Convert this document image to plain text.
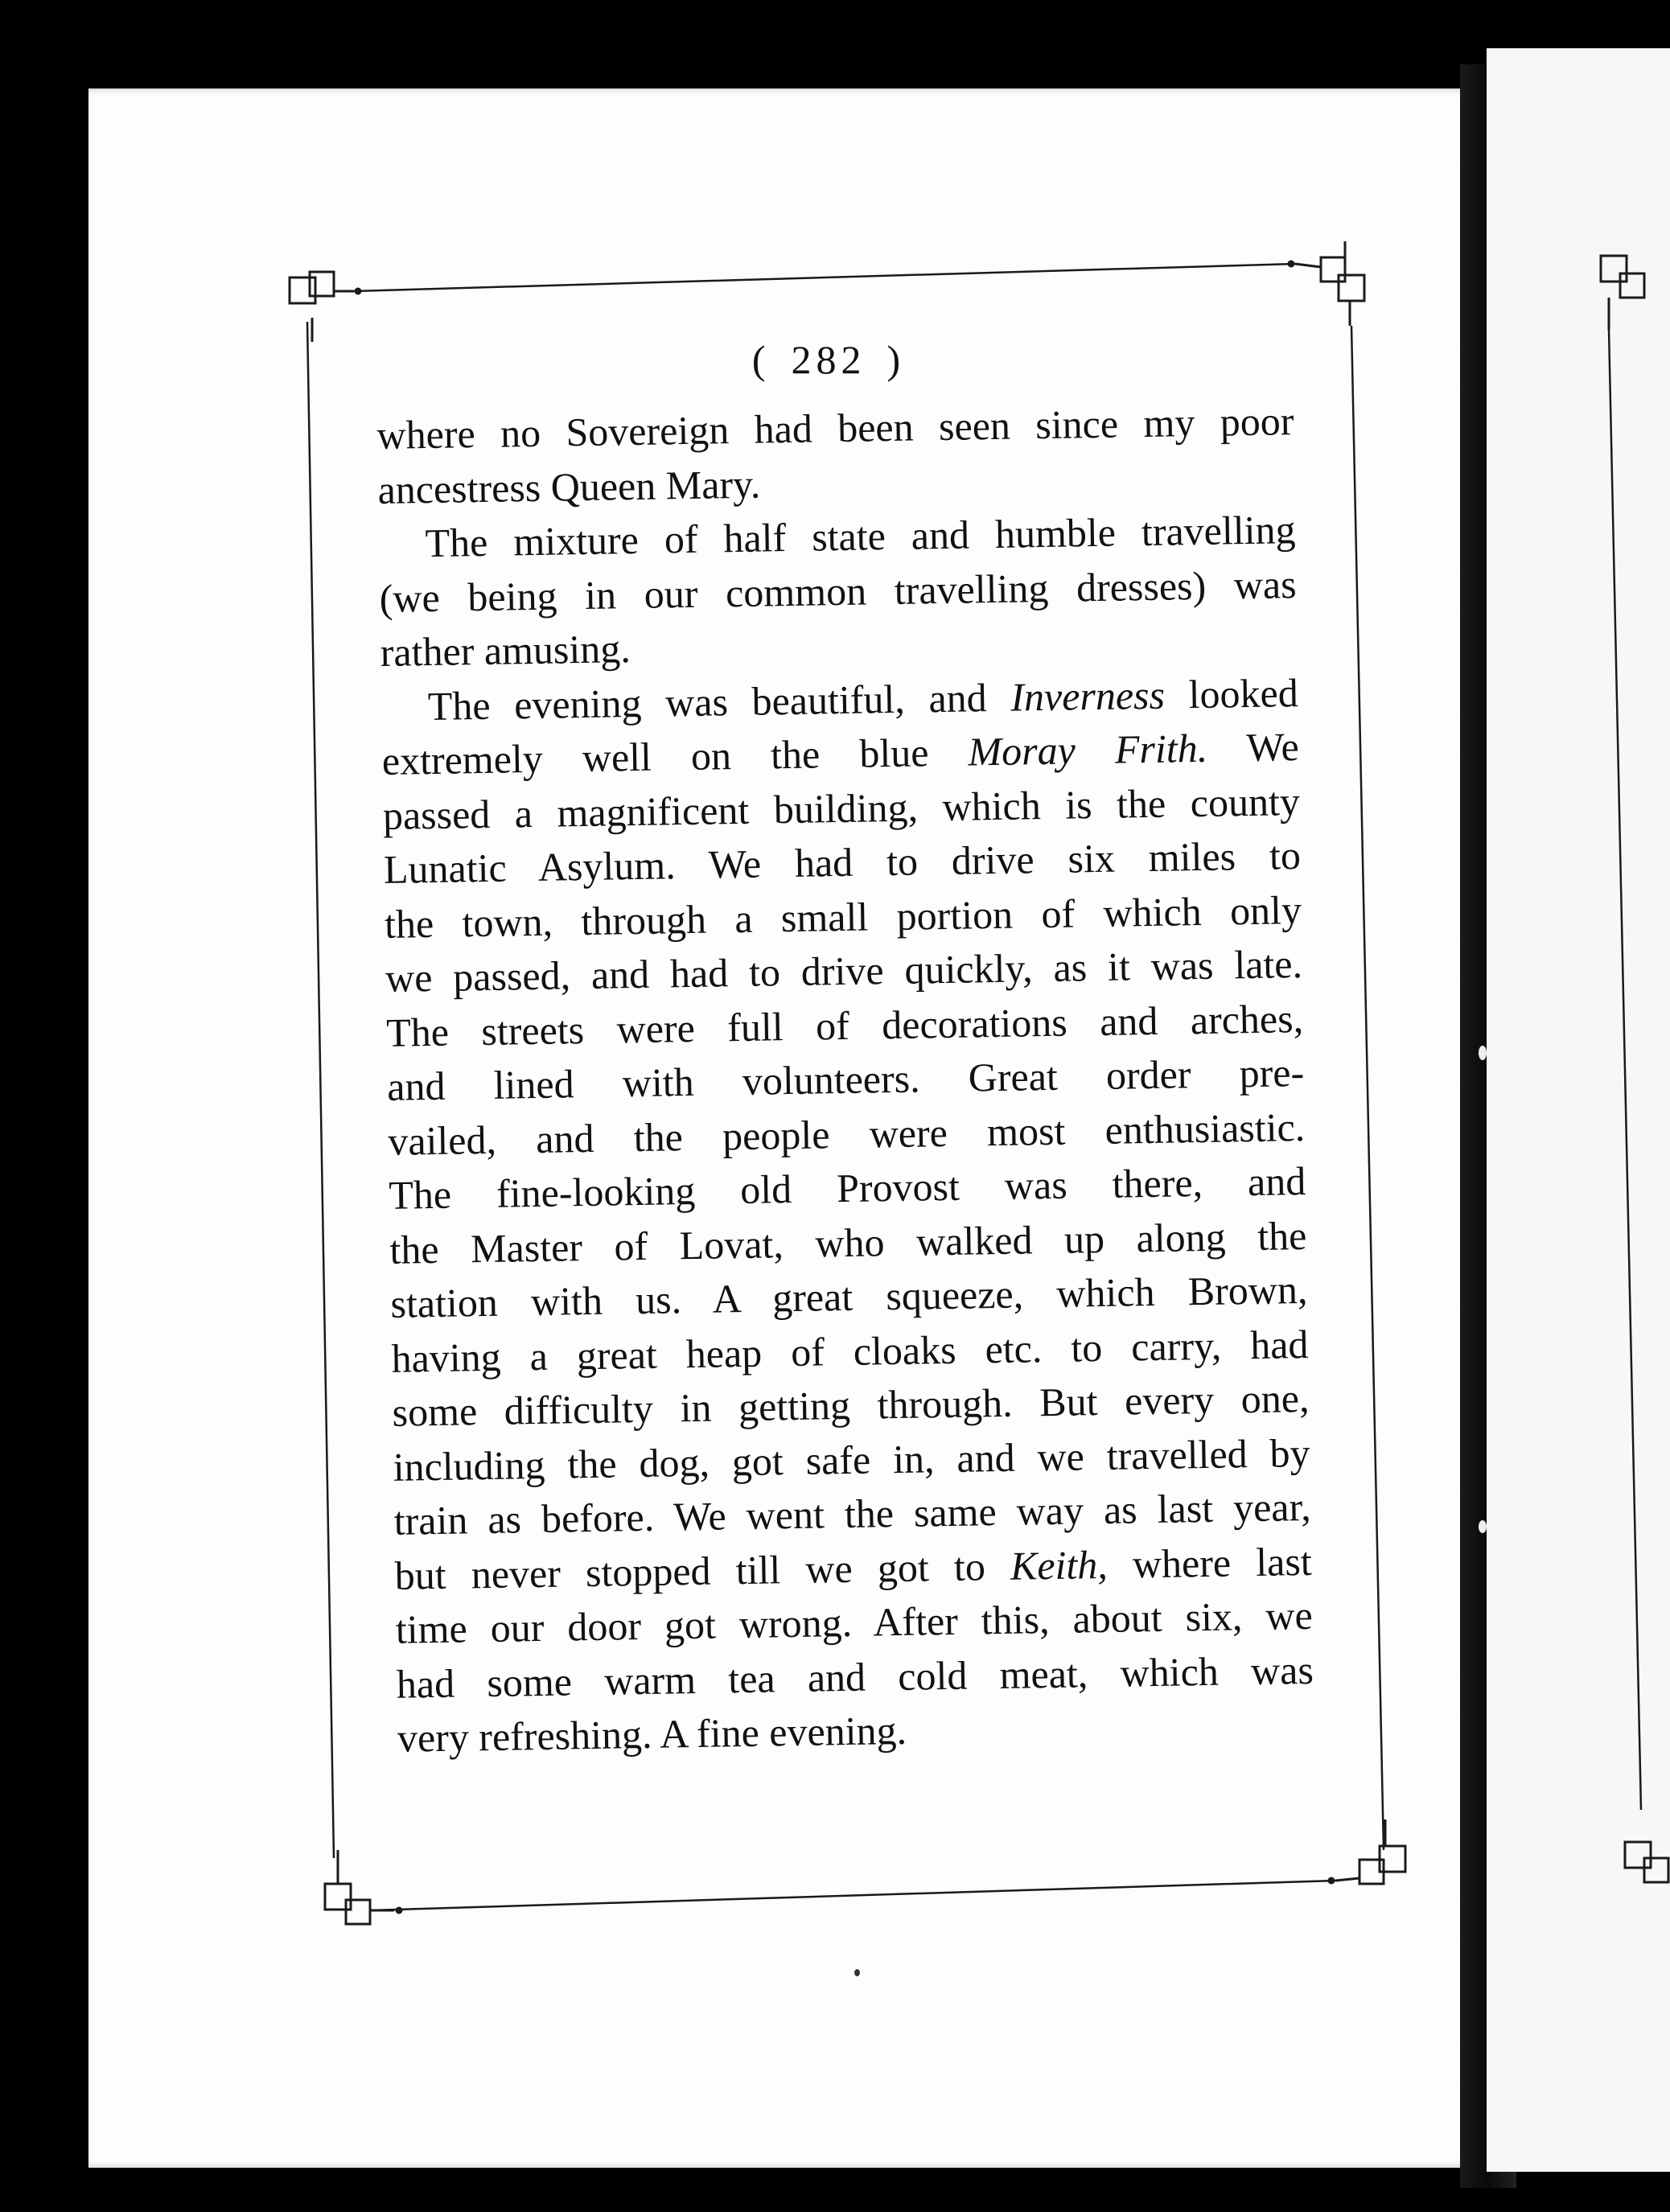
( 282 )
where no Sovereign had been seen since my poor
ancestress Queen Mary.
The mixture of half state and humble travelling
(we being in our common travelling dresses) was
rather amusing.
The evening was beautiful, and Inverness looked
extremely well on the blue Moray Frith. We
passed a magnificent building, which is the county
Lunatic Asylum. We had to drive six miles to
the town, through a small portion of which only
we passed, and had to drive quickly, as it was late.
The streets were full of decorations and arches,
and lined with volunteers. Great order pre-
vailed, and the people were most enthusiastic.
The fine-looking old Provost was there, and
the Master of Lovat, who walked up along the
station with us. A great squeeze, which Brown,
having a great heap of cloaks etc. to carry, had
some difficulty in getting through. But every one,
including the dog, got safe in, and we travelled by
train as before. We went the same way as last year,
but never stopped till we got to Keith, where last
time our door got wrong. After this, about six, we
had some warm tea and cold meat, which was
very refreshing. A fine evening.
